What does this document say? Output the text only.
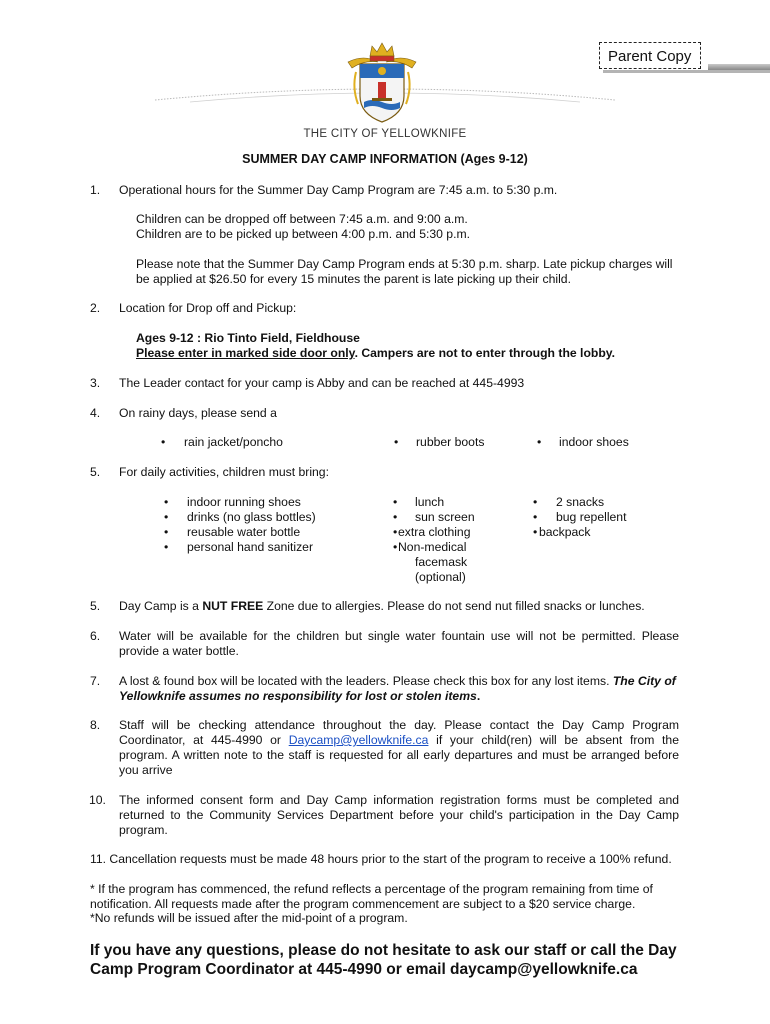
Parent Copy
THE CITY OF YELLOWKNIFE
SUMMER DAY CAMP INFORMATION (Ages 9-12)
1. Operational hours for the Summer Day Camp Program are 7:45 a.m. to 5:30 p.m.
Children can be dropped off between 7:45 a.m. and 9:00 a.m.
Children are to be picked up between 4:00 p.m. and 5:30 p.m.
Please note that the Summer Day Camp Program ends at 5:30 p.m. sharp. Late pickup charges will be applied at $26.50 for every 15 minutes the parent is late picking up their child.
2. Location for Drop off and Pickup:
Ages 9-12 : Rio Tinto Field, Fieldhouse
Please enter in marked side door only. Campers are not to enter through the lobby.
3. The Leader contact for your camp is Abby and can be reached at 445-4993
4. On rainy days, please send a
• rain jacket/poncho	• rubber boots	• indoor shoes
5. For daily activities, children must bring:
• indoor running shoes
• drinks (no glass bottles)
• reusable water bottle
• personal hand sanitizer
• lunch
• sun screen
• extra clothing
• Non-medical
facemask
(optional)
• 2 snacks
• bug repellent
• backpack
5. Day Camp is a NUT FREE Zone due to allergies. Please do not send nut filled snacks or lunches.
6. Water will be available for the children but single water fountain use will not be permitted. Please provide a water bottle.
7. A lost & found box will be located with the leaders. Please check this box for any lost items. The City of Yellowknife assumes no responsibility for lost or stolen items.
8. Staff will be checking attendance throughout the day. Please contact the Day Camp Program Coordinator, at 445-4990 or Daycamp@yellowknife.ca if your child(ren) will be absent from the program. A written note to the staff is requested for all early departures and must be arranged before you arrive
10. The informed consent form and Day Camp information registration forms must be completed and returned to the Community Services Department before your child's participation in the Day Camp program.
11. Cancellation requests must be made 48 hours prior to the start of the program to receive a 100% refund.
* If the program has commenced, the refund reflects a percentage of the program remaining from time of notification. All requests made after the program commencement are subject to a $20 service charge.
*No refunds will be issued after the mid-point of a program.
If you have any questions, please do not hesitate to ask our staff or call the Day Camp Program Coordinator at 445-4990 or email daycamp@yellowknife.ca
